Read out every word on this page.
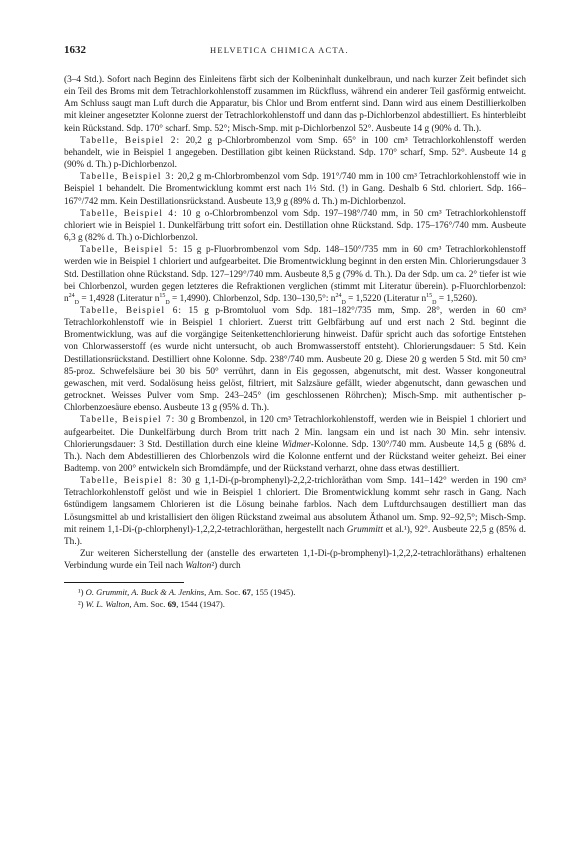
1632	HELVETICA CHIMICA ACTA.

(3–4 Std.). Sofort nach Beginn des Einleitens färbt sich der Kolbeninhalt dunkelbraun, und nach kurzer Zeit befindet sich ein Teil des Broms mit dem Tetrachlorkohlenstoff zusammen im Rückfluss, während ein anderer Teil gasförmig entweicht. Am Schluss saugt man Luft durch die Apparatur, bis Chlor und Brom entfernt sind. Dann wird aus einem Destillierkolben mit kleiner angesetzter Kolonne zuerst der Tetrachlorkohlenstoff und dann das p-Dichlorbenzol abdestilliert. Es hinterbleibt kein Rückstand. Sdp. 170° scharf. Smp. 52°; Misch-Smp. mit p-Dichlorbenzol 52°. Ausbeute 14 g (90% d. Th.).

Tabelle, Beispiel 2: 20,2 g p-Chlorbrombenzol vom Smp. 65° in 100 cm³ Tetrachlorkohlenstoff werden behandelt, wie in Beispiel 1 angegeben. Destillation gibt keinen Rückstand. Sdp. 170° scharf, Smp. 52°. Ausbeute 14 g (90% d. Th.) p-Dichlorbenzol.

Tabelle, Beispiel 3: 20,2 g m-Chlorbrombenzol vom Sdp. 191°/740 mm in 100 cm³ Tetrachlorkohlenstoff wie in Beispiel 1 behandelt. Die Bromentwicklung kommt erst nach 1½ Std. (!) in Gang. Deshalb 6 Std. chloriert. Sdp. 166–167°/742 mm. Kein Destillationsrückstand. Ausbeute 13,9 g (89% d. Th.) m-Dichlorbenzol.

Tabelle, Beispiel 4: 10 g o-Chlorbrombenzol vom Sdp. 197–198°/740 mm, in 50 cm³ Tetrachlorkohlenstoff chloriert wie in Beispiel 1. Dunkelfärbung tritt sofort ein. Destillation ohne Rückstand. Sdp. 175–176°/740 mm. Ausbeute 6,3 g (82% d. Th.) o-Dichlorbenzol.

Tabelle, Beispiel 5: 15 g p-Fluorbrombenzol vom Sdp. 148–150°/735 mm in 60 cm³ Tetrachlorkohlenstoff werden wie in Beispiel 1 chloriert und aufgearbeitet. Die Bromentwicklung beginnt in den ersten Min. Chlorierungsdauer 3 Std. Destillation ohne Rückstand. Sdp. 127–129°/740 mm. Ausbeute 8,5 g (79% d. Th.). Da der Sdp. um ca. 2° tiefer ist wie bei Chlorbenzol, wurden gegen letzteres die Refraktionen verglichen (stimmt mit Literatur überein). p-Fluorchlorbenzol: $n^{24}_D = 1,4928$ (Literatur $n^{15}_D = 1,4990$). Chlorbenzol, Sdp. 130–130,5°: $n^{24}_D = 1,5220$ (Literatur $n^{15}_D = 1,5260$).

Tabelle, Beispiel 6: 15 g p-Bromtoluol vom Sdp. 181–182°/735 mm, Smp. 28°, werden in 60 cm³ Tetrachlorkohlenstoff wie in Beispiel 1 chloriert. Zuerst tritt Gelbfärbung auf und erst nach 2 Std. beginnt die Bromentwicklung, was auf die vorgängige Seitenkettenchlorierung hinweist. Dafür spricht auch das sofortige Entstehen von Chlorwasserstoff (es wurde nicht untersucht, ob auch Bromwasserstoff entsteht). Chlorierungsdauer: 5 Std. Kein Destillationsrückstand. Destilliert ohne Kolonne. Sdp. 238°/740 mm. Ausbeute 20 g. Diese 20 g werden 5 Std. mit 50 cm³ 85-proz. Schwefelsäure bei 30 bis 50° verrührt, dann in Eis gegossen, abgenutscht, mit dest. Wasser kongoneutral gewaschen, mit verd. Sodalösung heiss gelöst, filtriert, mit Salzsäure gefällt, wieder abgenutscht, dann gewaschen und getrocknet. Weisses Pulver vom Smp. 243–245° (im geschlossenen Röhrchen); Misch-Smp. mit authentischer p-Chlorbenzoesäure ebenso. Ausbeute 13 g (95% d. Th.).

Tabelle, Beispiel 7: 30 g Brombenzol, in 120 cm³ Tetrachlorkohlenstoff, werden wie in Beispiel 1 chloriert und aufgearbeitet. Die Dunkelfärbung durch Brom tritt nach 2 Min. langsam ein und ist nach 30 Min. sehr intensiv. Chlorierungsdauer: 3 Std. Destillation durch eine kleine Widmer-Kolonne. Sdp. 130°/740 mm. Ausbeute 14,5 g (68% d. Th.). Nach dem Abdestillieren des Chlorbenzols wird die Kolonne entfernt und der Rückstand weiter geheizt. Bei einer Badtemp. von 200° entwickeln sich Bromdämpfe, und der Rückstand verharzt, ohne dass etwas destilliert.

Tabelle, Beispiel 8: 30 g 1,1-Di-(p-bromphenyl)-2,2,2-trichloräthan vom Smp. 141–142° werden in 190 cm³ Tetrachlorkohlenstoff gelöst und wie in Beispiel 1 chloriert. Die Bromentwicklung kommt sehr rasch in Gang. Nach 6stündigem langsamem Chlorieren ist die Lösung beinahe farblos. Nach dem Luftdurchsaugen destilliert man das Lösungsmittel ab und kristallisiert den öligen Rückstand zweimal aus absolutem Äthanol um. Smp. 92–92,5°; Misch-Smp. mit reinem 1,1-Di-(p-chlorphenyl)-1,2,2,2-tetrachloräthan, hergestellt nach Grummitt et al.¹), 92°. Ausbeute 22,5 g (85% d. Th.).

Zur weiteren Sicherstellung der (anstelle des erwarteten 1,1-Di-(p-bromphenyl)-1,2,2,2-tetrachloräthans) erhaltenen Verbindung wurde ein Teil nach Walton²) durch

¹) O. Grummit, A. Buck & A. Jenkins, Am. Soc. 67, 155 (1945).

²) W. L. Walton, Am. Soc. 69, 1544 (1947).
